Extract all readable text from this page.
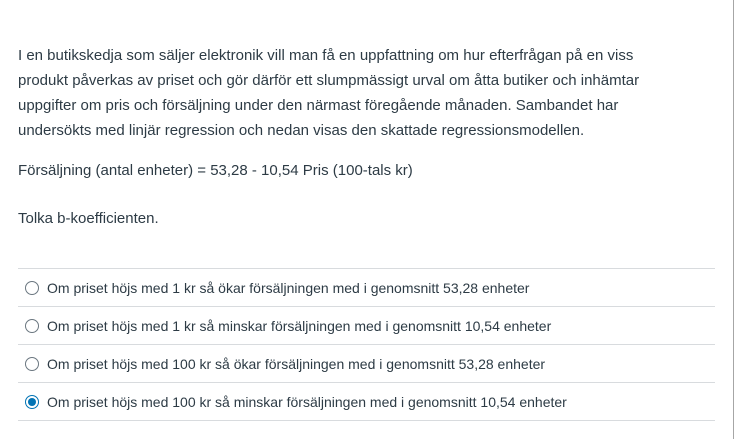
I en butikskedja som säljer elektronik vill man få en uppfattning om hur efterfrågan på en viss produkt påverkas av priset och gör därför ett slumpmässigt urval om åtta butiker och inhämtar uppgifter om pris och försäljning under den närmast föregående månaden. Sambandet har undersökts med linjär regression och nedan visas den skattade regressionsmodellen.

Försäljning (antal enheter) = 53,28 - 10,54 Pris (100-tals kr)

Tolka b-koefficienten.

Om priset höjs med 1 kr så ökar försäljningen med i genomsnitt 53,28 enheter
Om priset höjs med 1 kr så minskar försäljningen med i genomsnitt 10,54 enheter
Om priset höjs med 100 kr så ökar försäljningen med i genomsnitt 53,28 enheter
Om priset höjs med 100 kr så minskar försäljningen med i genomsnitt 10,54 enheter
